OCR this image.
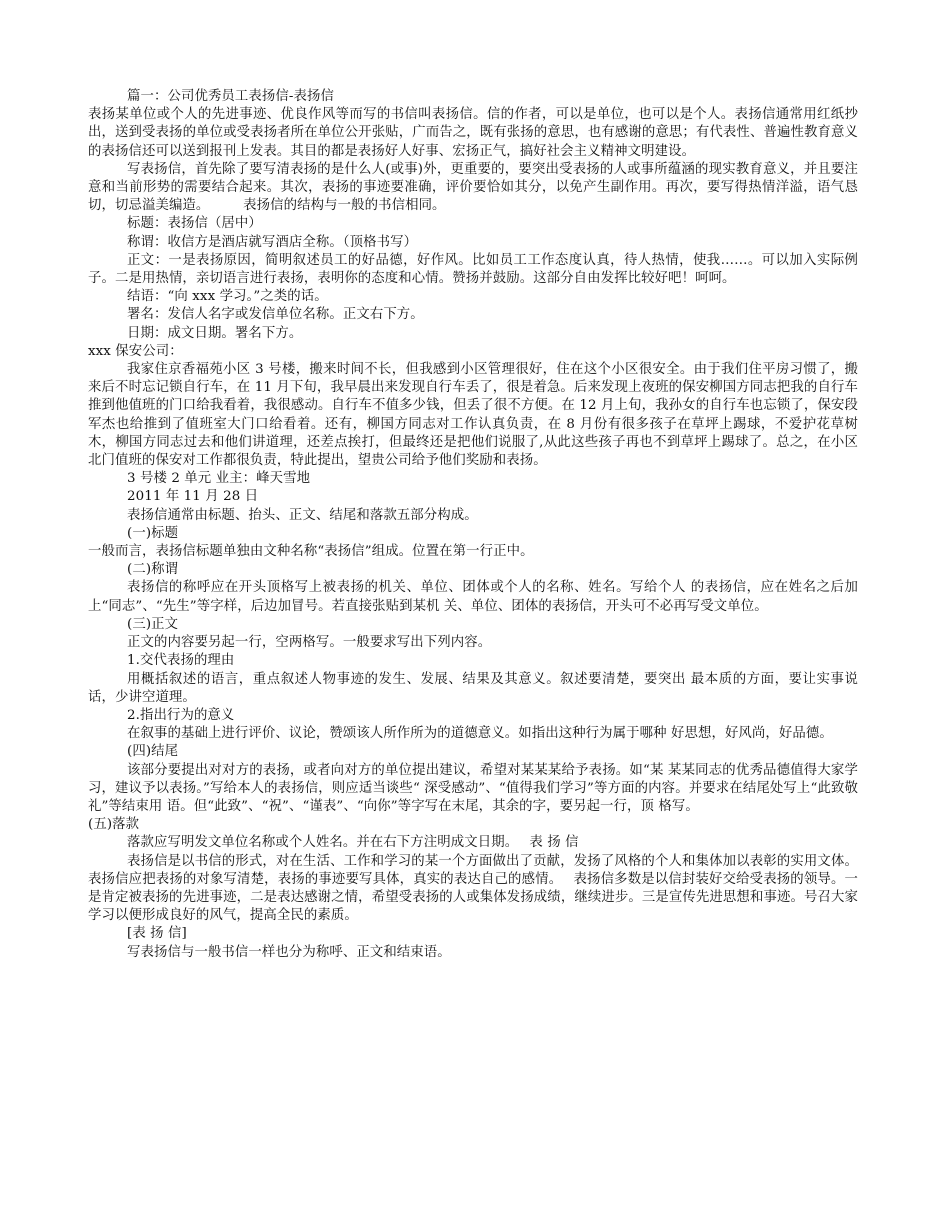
篇一：公司优秀员工表扬信-表扬信

表扬某单位或个人的先进事迹、优良作风等而写的书信叫表扬信。信的作者，可以是单位，也可以是个人。表扬信通常用红纸抄出，送到受表扬的单位或受表扬者所在单位公开张贴，广而告之，既有张扬的意思，也有感谢的意思；有代表性、普遍性教育意义的表扬信还可以送到报刊上发表。其目的都是表扬好人好事、宏扬正气，搞好社会主义精神文明建设。

写表扬信，首先除了要写清表扬的是什么人(或事)外，更重要的，要突出受表扬的人或事所蕴涵的现实教育意义，并且要注意和当前形势的需要结合起来。其次，表扬的事迹要准确，评价要恰如其分，以免产生副作用。再次，要写得热情洋溢，语气恳切，切忌溢美编造。　　　表扬信的结构与一般的书信相同。

标题：表扬信（居中）

称谓：收信方是酒店就写酒店全称。（顶格书写）

正文：一是表扬原因，简明叙述员工的好品德，好作风。比如员工工作态度认真，待人热情，使我……。可以加入实际例子。二是用热情，亲切语言进行表扬，表明你的态度和心情。赞扬并鼓励。这部分自由发挥比较好吧！呵呵。

结语：“向 xxx 学习。”之类的话。

署名：发信人名字或发信单位名称。正文右下方。

日期：成文日期。署名下方。

xxx 保安公司：

我家住京香福苑小区 3 号楼，搬来时间不长，但我感到小区管理很好，住在这个小区很安全。由于我们住平房习惯了，搬来后不时忘记锁自行车，在 11 月下旬，我早晨出来发现自行车丢了，很是着急。后来发现上夜班的保安柳国方同志把我的自行车推到他值班的门口给我看着，我很感动。自行车不值多少钱，但丢了很不方便。在 12 月上旬，我孙女的自行车也忘锁了，保安段军杰也给推到了值班室大门口给看着。还有，柳国方同志对工作认真负责，在 8 月份有很多孩子在草坪上踢球，不爱护花草树木，柳国方同志过去和他们讲道理，还差点挨打，但最终还是把他们说服了,从此这些孩子再也不到草坪上踢球了。总之，在小区北门值班的保安对工作都很负责，特此提出，望贵公司给予他们奖励和表扬。

3 号楼 2 单元 业主：峰天雪地

2011 年 11 月 28 日

表扬信通常由标题、抬头、正文、结尾和落款五部分构成。

(一)标题

一般而言，表扬信标题单独由文种名称“表扬信”组成。位置在第一行正中。

(二)称谓

表扬信的称呼应在开头顶格写上被表扬的机关、单位、团体或个人的名称、姓名。写给个人 的表扬信，应在姓名之后加上“同志”、“先生”等字样，后边加冒号。若直接张贴到某机 关、单位、团体的表扬信，开头可不必再写受文单位。

(三)正文

正文的内容要另起一行，空两格写。一般要求写出下列内容。

1.交代表扬的理由

用概括叙述的语言，重点叙述人物事迹的发生、发展、结果及其意义。叙述要清楚，要突出 最本质的方面，要让实事说话，少讲空道理。

2.指出行为的意义

在叙事的基础上进行评价、议论，赞颂该人所作所为的道德意义。如指出这种行为属于哪种 好思想，好风尚，好品德。

(四)结尾

该部分要提出对对方的表扬，或者向对方的单位提出建议，希望对某某某给予表扬。如“某 某某同志的优秀品德值得大家学习，建议予以表扬。”写给本人的表扬信，则应适当谈些“ 深受感动”、“值得我们学习”等方面的内容。并要求在结尾处写上“此致敬礼”等结束用 语。但“此致”、“祝”、“谨表”、“向你”等字写在末尾，其余的字，要另起一行，顶 格写。

(五)落款

落款应写明发文单位名称或个人姓名。并在右下方注明成文日期。　 表 扬 信

表扬信是以书信的形式，对在生活、工作和学习的某一个方面做出了贡献，发扬了风格的个人和集体加以表彰的实用文体。表扬信应把表扬的对象写清楚，表扬的事迹要写具体，真实的表达自己的感情。　 表扬信多数是以信封装好交给受表扬的领导。一是肯定被表扬的先进事迹，二是表达感谢之情，希望受表扬的人或集体发扬成绩，继续进步。三是宣传先进思想和事迹。号召大家学习以便形成良好的风气，提高全民的素质。

[表 扬 信]

写表扬信与一般书信一样也分为称呼、正文和结束语。
